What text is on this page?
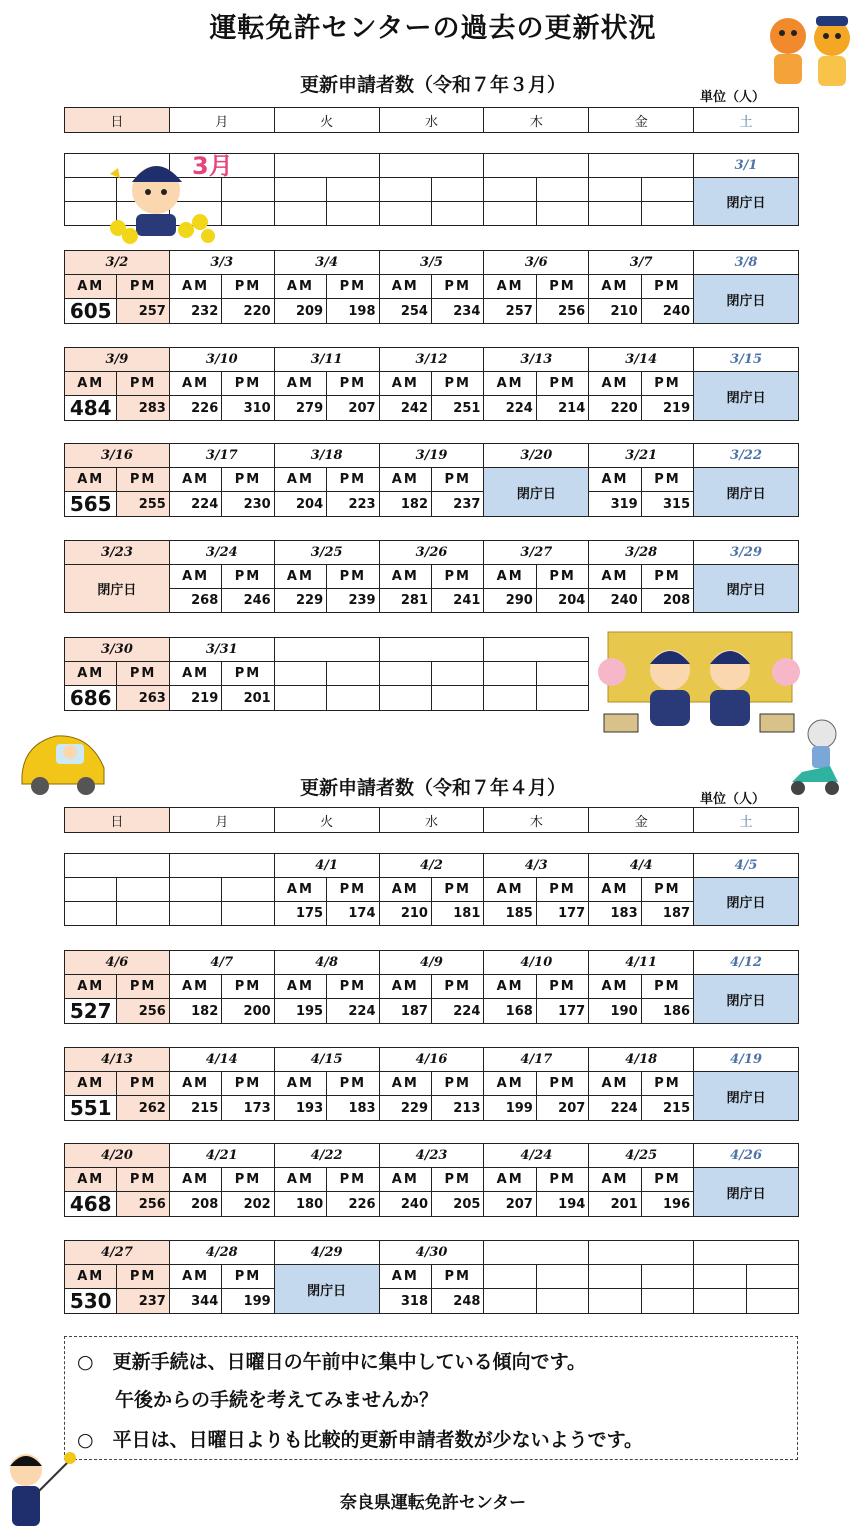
運転免許センターの過去の更新状況
更新申請者数（令和７年３月）
単位（人）
日	月	火	水	木	金	土
												3/1
												閉庁日

3/2		3/3		3/4		3/5		3/6		3/7		3/8
AM	PM	AM	PM	AM	PM	AM	PM	AM	PM	AM	PM	閉庁日
605	257	232	220	209	198	254	234	257	256	210	240	
3/9		3/10		3/11		3/12		3/13		3/14		3/15
AM	PM	AM	PM	AM	PM	AM	PM	AM	PM	AM	PM	閉庁日
484	283	226	310	279	207	242	251	224	214	220	219	
3/16		3/17		3/18		3/19		3/20	3/21		3/22
AM	PM	AM	PM	AM	PM	AM	PM	閉庁日	AM	PM	閉庁日
565	255	224	230	204	223	182	237		319	315	
3/23	3/24		3/25		3/26		3/27		3/28		3/29
閉庁日	AM	PM	AM	PM	AM	PM	AM	PM	AM	PM	閉庁日
	268	246	229	239	281	241	290	204	240	208	
3/30		3/31									
AM	PM	AM	PM								
686	263	219	201								
更新申請者数（令和７年４月）
単位（人）
日	月	火	水	木	金	土
				4/1		4/2		4/3		4/4		4/5
				AM	PM	AM	PM	AM	PM	AM	PM	閉庁日
				175	174	210	181	185	177	183	187	
4/6		4/7		4/8		4/9		4/10		4/11		4/12
AM	PM	AM	PM	AM	PM	AM	PM	AM	PM	AM	PM	閉庁日
527	256	182	200	195	224	187	224	168	177	190	186	
4/13		4/14		4/15		4/16		4/17		4/18		4/19
AM	PM	AM	PM	AM	PM	AM	PM	AM	PM	AM	PM	閉庁日
551	262	215	173	193	183	229	213	199	207	224	215	
4/20		4/21		4/22		4/23		4/24		4/25		4/26
AM	PM	AM	PM	AM	PM	AM	PM	AM	PM	AM	PM	閉庁日
468	256	208	202	180	226	240	205	207	194	201	196	
4/27		4/28		4/29	4/30							
AM	PM	AM	PM	閉庁日	AM	PM						
530	237	344	199		318	248						
○　更新手続は、日曜日の午前中に集中している傾向です。
　　午後からの手続を考えてみませんか？
○　平日は、日曜日よりも比較的更新申請者数が少ないようです。
奈良県運転免許センター
3月
